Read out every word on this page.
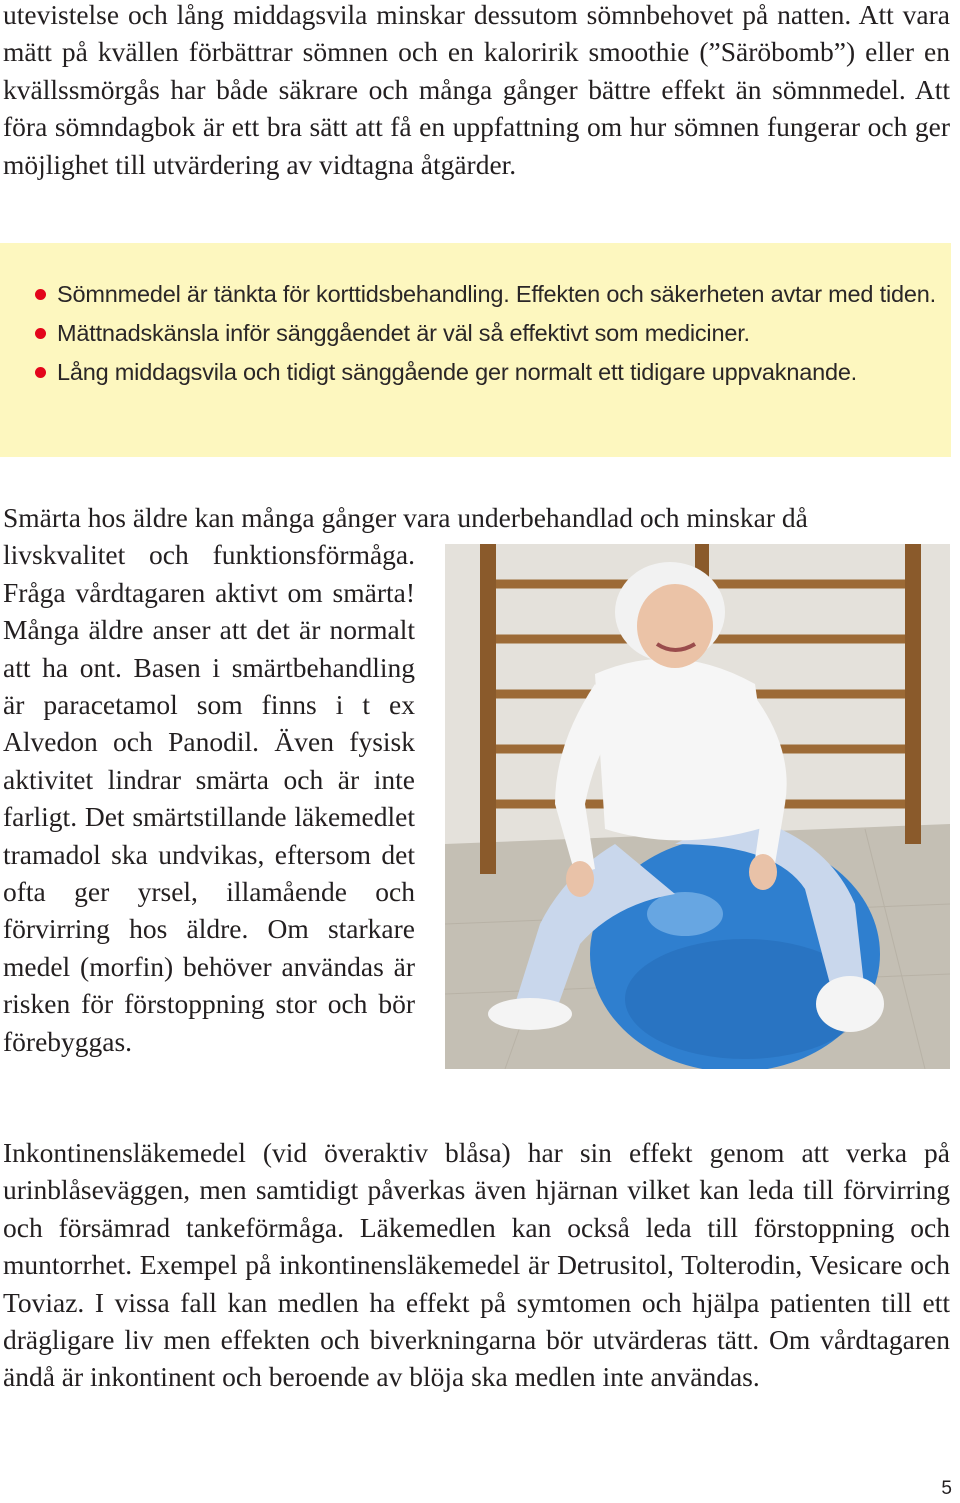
utevistelse och lång middagsvila minskar dessutom sömnbehovet på natten. Att vara mätt på kvällen förbättrar sömnen och en kaloririk smoothie (”Säröbomb”) eller en kvällssmörgås har både säkrare och många gånger bättre effekt än sömnmedel. Att föra sömndagbok är ett bra sätt att få en uppfattning om hur sömnen fungerar och ger möjlighet till utvärdering av vidtagna åtgärder.

Sömnmedel är tänkta för korttidsbehandling. Effekten och säkerheten avtar med tiden.
Mättnadskänsla inför sänggåendet är väl så effektivt som mediciner.
Lång middagsvila och tidigt sänggående ger normalt ett tidigare uppvaknande.
Smärta hos äldre kan många gånger vara underbehandlad och minskar då
livskvalitet och funktionsförmåga. Fråga vårdtagaren aktivt om smärta! Många äldre anser att det är normalt att ha ont. Basen i smärtbehandling är paracetamol som finns i t ex Alvedon och Panodil. Även fysisk aktivitet lindrar smärta och är inte farligt. Det smärtstillande läkemedlet tramadol ska undvikas, eftersom det ofta ger yrsel, illamående och förvirring hos äldre. Om starkare medel (morfin) behöver användas är risken för förstoppning stor och bör förebyggas.

Inkontinensläkemedel (vid överaktiv blåsa) har sin effekt genom att verka på urinblåseväggen, men samtidigt påverkas även hjärnan vilket kan leda till förvirring och försämrad tankeförmåga. Läkemedlen kan också leda till förstoppning och muntorrhet. Exempel på inkontinensläkemedel är Detrusitol, Tolterodin, Vesicare och Toviaz. I vissa fall kan medlen ha effekt på symtomen och hjälpa patienten till ett drägligare liv men effekten och biverkningarna bör utvärderas tätt. Om vårdtagaren ändå är inkontinent och beroende av blöja ska medlen inte användas.

5
